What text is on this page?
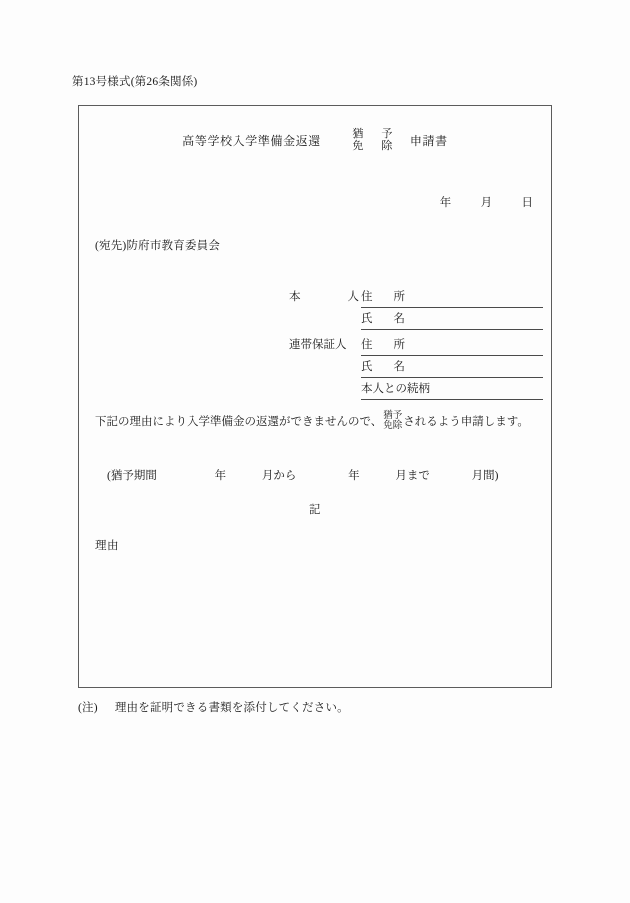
第13号様式(第26条関係)
高等学校入学準備金返還	猶　予
免　除 申請書
年	月	日
(宛先)防府市教育委員会
本	人 住 所
氏 名
連帯保証人	住 所
氏 名
本人との続柄
下記の理由により入学準備金の返還ができませんので、 猶予
免除 されるよう申請します。
(猶予期間	年	月から	年	月まで	月間)
記
理由
(注) 理由を証明できる書類を添付してください。
